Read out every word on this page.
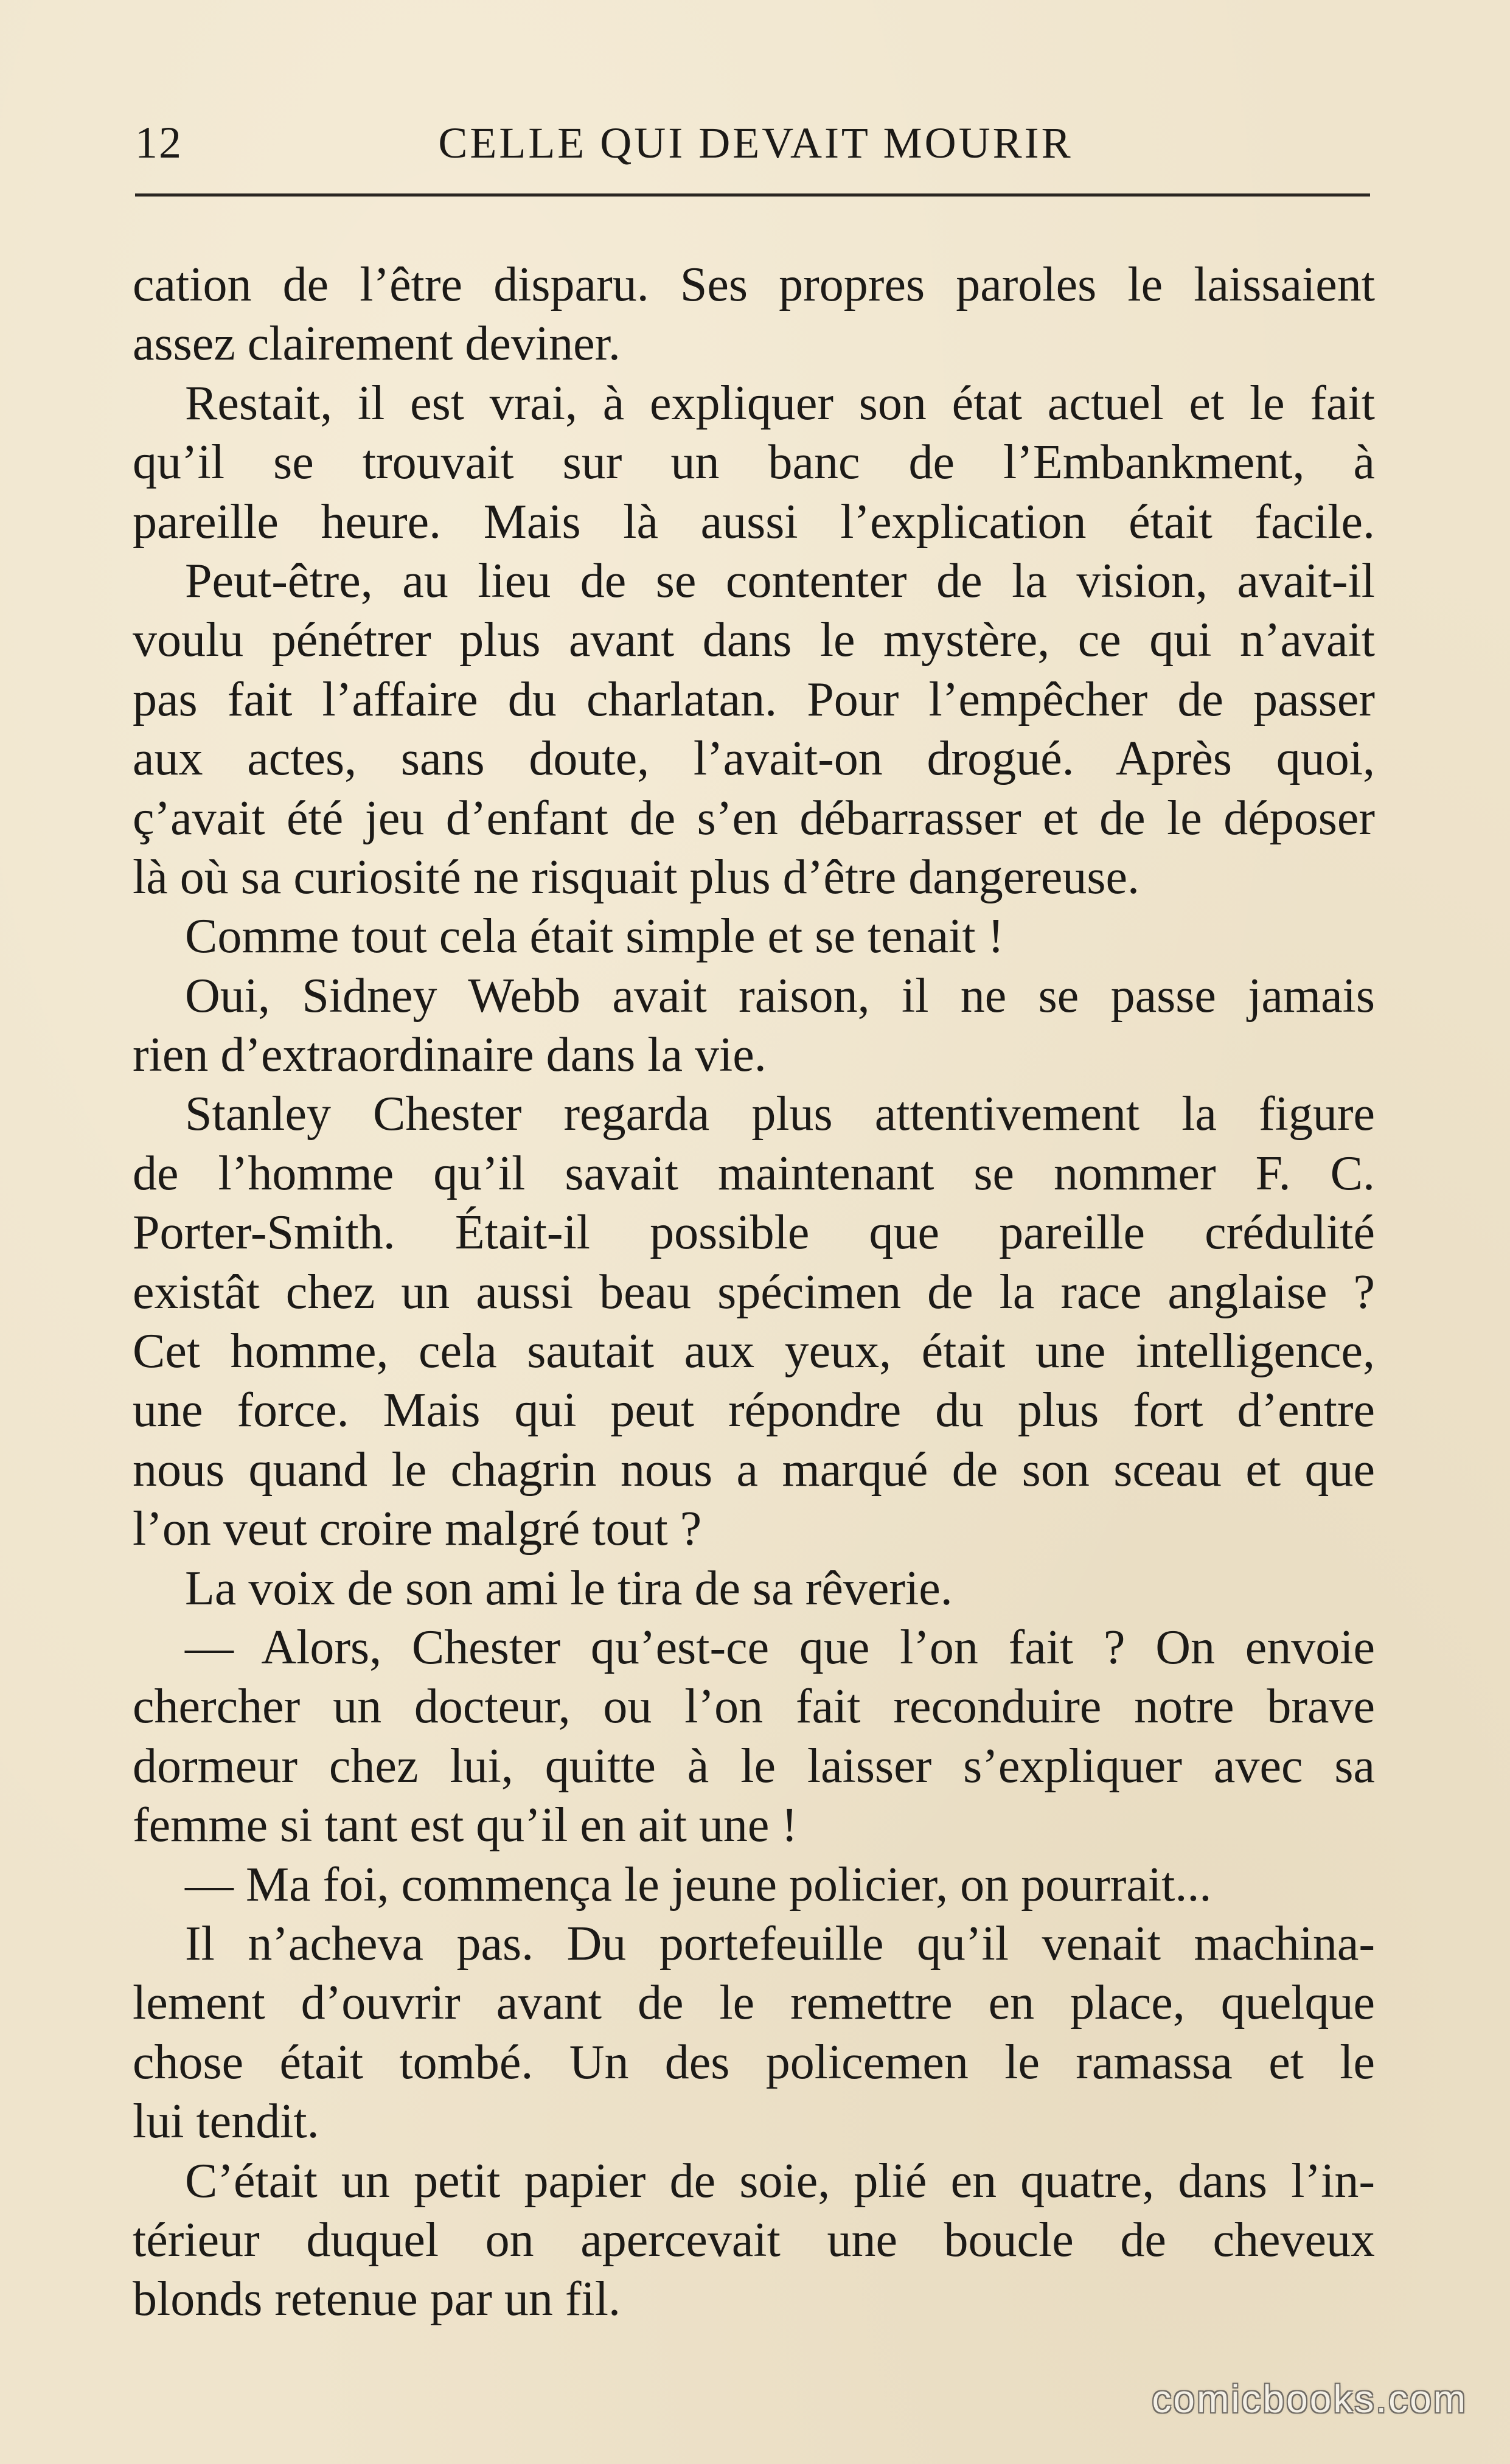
12	CELLE QUI DEVAIT MOURIR
cation de l’être disparu. Ses propres paroles le laissaient
assez clairement deviner.
Restait, il est vrai, à expliquer son état actuel et le fait
qu’il se trouvait sur un banc de l’Embankment, à
pareille heure. Mais là aussi l’explication était facile.
Peut-être, au lieu de se contenter de la vision, avait-il
voulu pénétrer plus avant dans le mystère, ce qui n’avait
pas fait l’affaire du charlatan. Pour l’empêcher de passer
aux actes, sans doute, l’avait-on drogué. Après quoi,
ç’avait été jeu d’enfant de s’en débarrasser et de le déposer
là où sa curiosité ne risquait plus d’être dangereuse.
Comme tout cela était simple et se tenait !
Oui, Sidney Webb avait raison, il ne se passe jamais
rien d’extraordinaire dans la vie.
Stanley Chester regarda plus attentivement la figure
de l’homme qu’il savait maintenant se nommer F. C.
Porter-Smith. Était-il possible que pareille crédulité
existât chez un aussi beau spécimen de la race anglaise ?
Cet homme, cela sautait aux yeux, était une intelligence,
une force. Mais qui peut répondre du plus fort d’entre
nous quand le chagrin nous a marqué de son sceau et que
l’on veut croire malgré tout ?
La voix de son ami le tira de sa rêverie.
— Alors, Chester qu’est-ce que l’on fait ? On envoie
chercher un docteur, ou l’on fait reconduire notre brave
dormeur chez lui, quitte à le laisser s’expliquer avec sa
femme si tant est qu’il en ait une !
— Ma foi, commença le jeune policier, on pourrait...
Il n’acheva pas. Du portefeuille qu’il venait machina-
lement d’ouvrir avant de le remettre en place, quelque
chose était tombé. Un des policemen le ramassa et le
lui tendit.
C’était un petit papier de soie, plié en quatre, dans l’in-
térieur duquel on apercevait une boucle de cheveux
blonds retenue par un fil.
comicbooks.com
